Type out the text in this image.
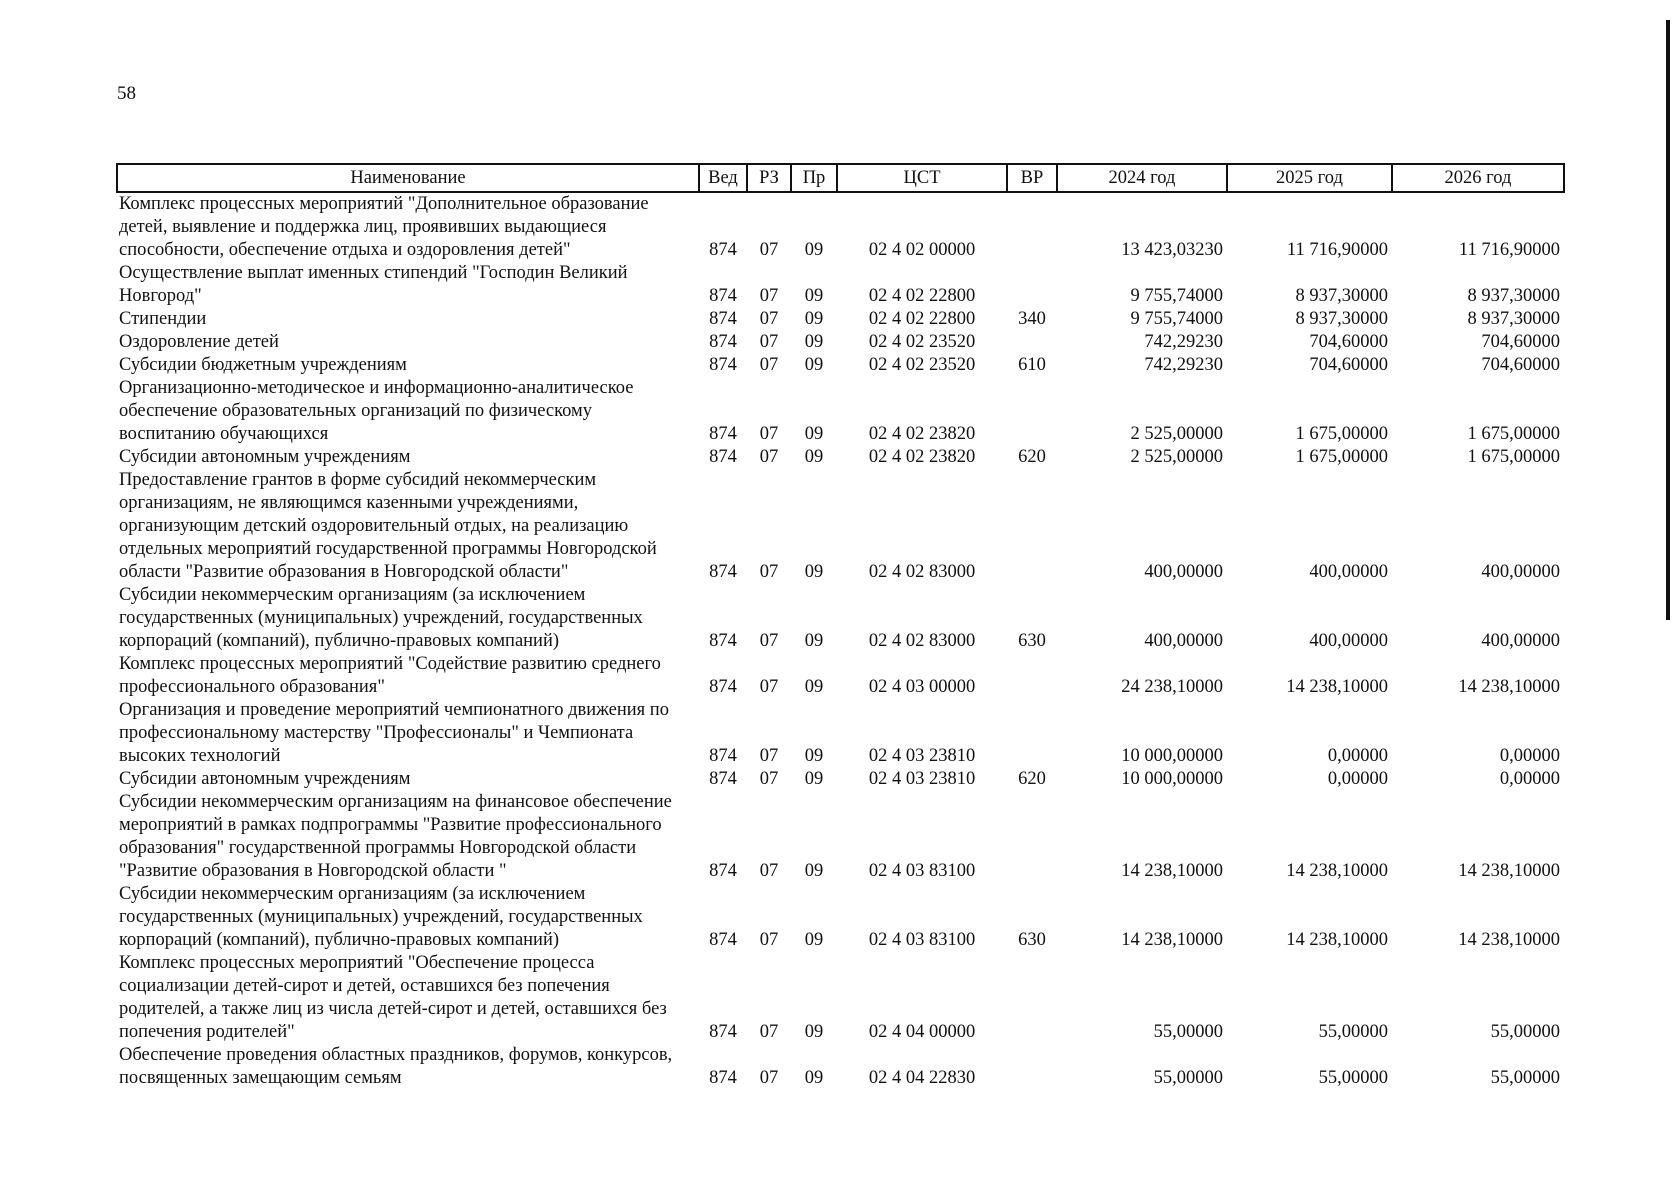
58
Наименование	Вед	РЗ	Пр	ЦСТ	ВР	2024 год	2025 год	2026 год
Комплекс процессных мероприятий "Дополнительное образование детей, выявление и поддержка лиц, проявивших выдающиеся способности, обеспечение отдыха и оздоровления детей"	874	07	09	02 4 02 00000		13 423,03230	11 716,90000	11 716,90000
Осуществление выплат именных стипендий "Господин Великий Новгород"	874	07	09	02 4 02 22800		9 755,74000	8 937,30000	8 937,30000
Стипендии	874	07	09	02 4 02 22800	340	9 755,74000	8 937,30000	8 937,30000
Оздоровление детей	874	07	09	02 4 02 23520		742,29230	704,60000	704,60000
Субсидии бюджетным учреждениям	874	07	09	02 4 02 23520	610	742,29230	704,60000	704,60000
Организационно-методическое и информационно-аналитическое обеспечение образовательных организаций по физическому воспитанию обучающихся	874	07	09	02 4 02 23820		2 525,00000	1 675,00000	1 675,00000
Субсидии автономным учреждениям	874	07	09	02 4 02 23820	620	2 525,00000	1 675,00000	1 675,00000
Предоставление грантов в форме субсидий некоммерческим организациям, не являющимся казенными учреждениями, организующим детский оздоровительный отдых, на реализацию отдельных мероприятий государственной программы Новгородской области "Развитие образования в Новгородской области"	874	07	09	02 4 02 83000		400,00000	400,00000	400,00000
Субсидии некоммерческим организациям (за исключением государственных (муниципальных) учреждений, государственных корпораций (компаний), публично-правовых компаний)	874	07	09	02 4 02 83000	630	400,00000	400,00000	400,00000
Комплекс процессных мероприятий "Содействие развитию среднего профессионального образования"	874	07	09	02 4 03 00000		24 238,10000	14 238,10000	14 238,10000
Организация и проведение мероприятий чемпионатного движения по профессиональному мастерству "Профессионалы" и Чемпионата высоких технологий	874	07	09	02 4 03 23810		10 000,00000	0,00000	0,00000
Субсидии автономным учреждениям	874	07	09	02 4 03 23810	620	10 000,00000	0,00000	0,00000
Субсидии некоммерческим организациям на финансовое обеспечение мероприятий в рамках подпрограммы "Развитие профессионального образования" государственной программы Новгородской области "Развитие образования в Новгородской области "	874	07	09	02 4 03 83100		14 238,10000	14 238,10000	14 238,10000
Субсидии некоммерческим организациям (за исключением государственных (муниципальных) учреждений, государственных корпораций (компаний), публично-правовых компаний)	874	07	09	02 4 03 83100	630	14 238,10000	14 238,10000	14 238,10000
Комплекс процессных мероприятий "Обеспечение процесса социализации детей-сирот и детей, оставшихся без попечения родителей, а также лиц из числа детей-сирот и детей, оставшихся без попечения родителей"	874	07	09	02 4 04 00000		55,00000	55,00000	55,00000
Обеспечение проведения областных праздников, форумов, конкурсов, посвященных замещающим семьям	874	07	09	02 4 04 22830		55,00000	55,00000	55,00000
